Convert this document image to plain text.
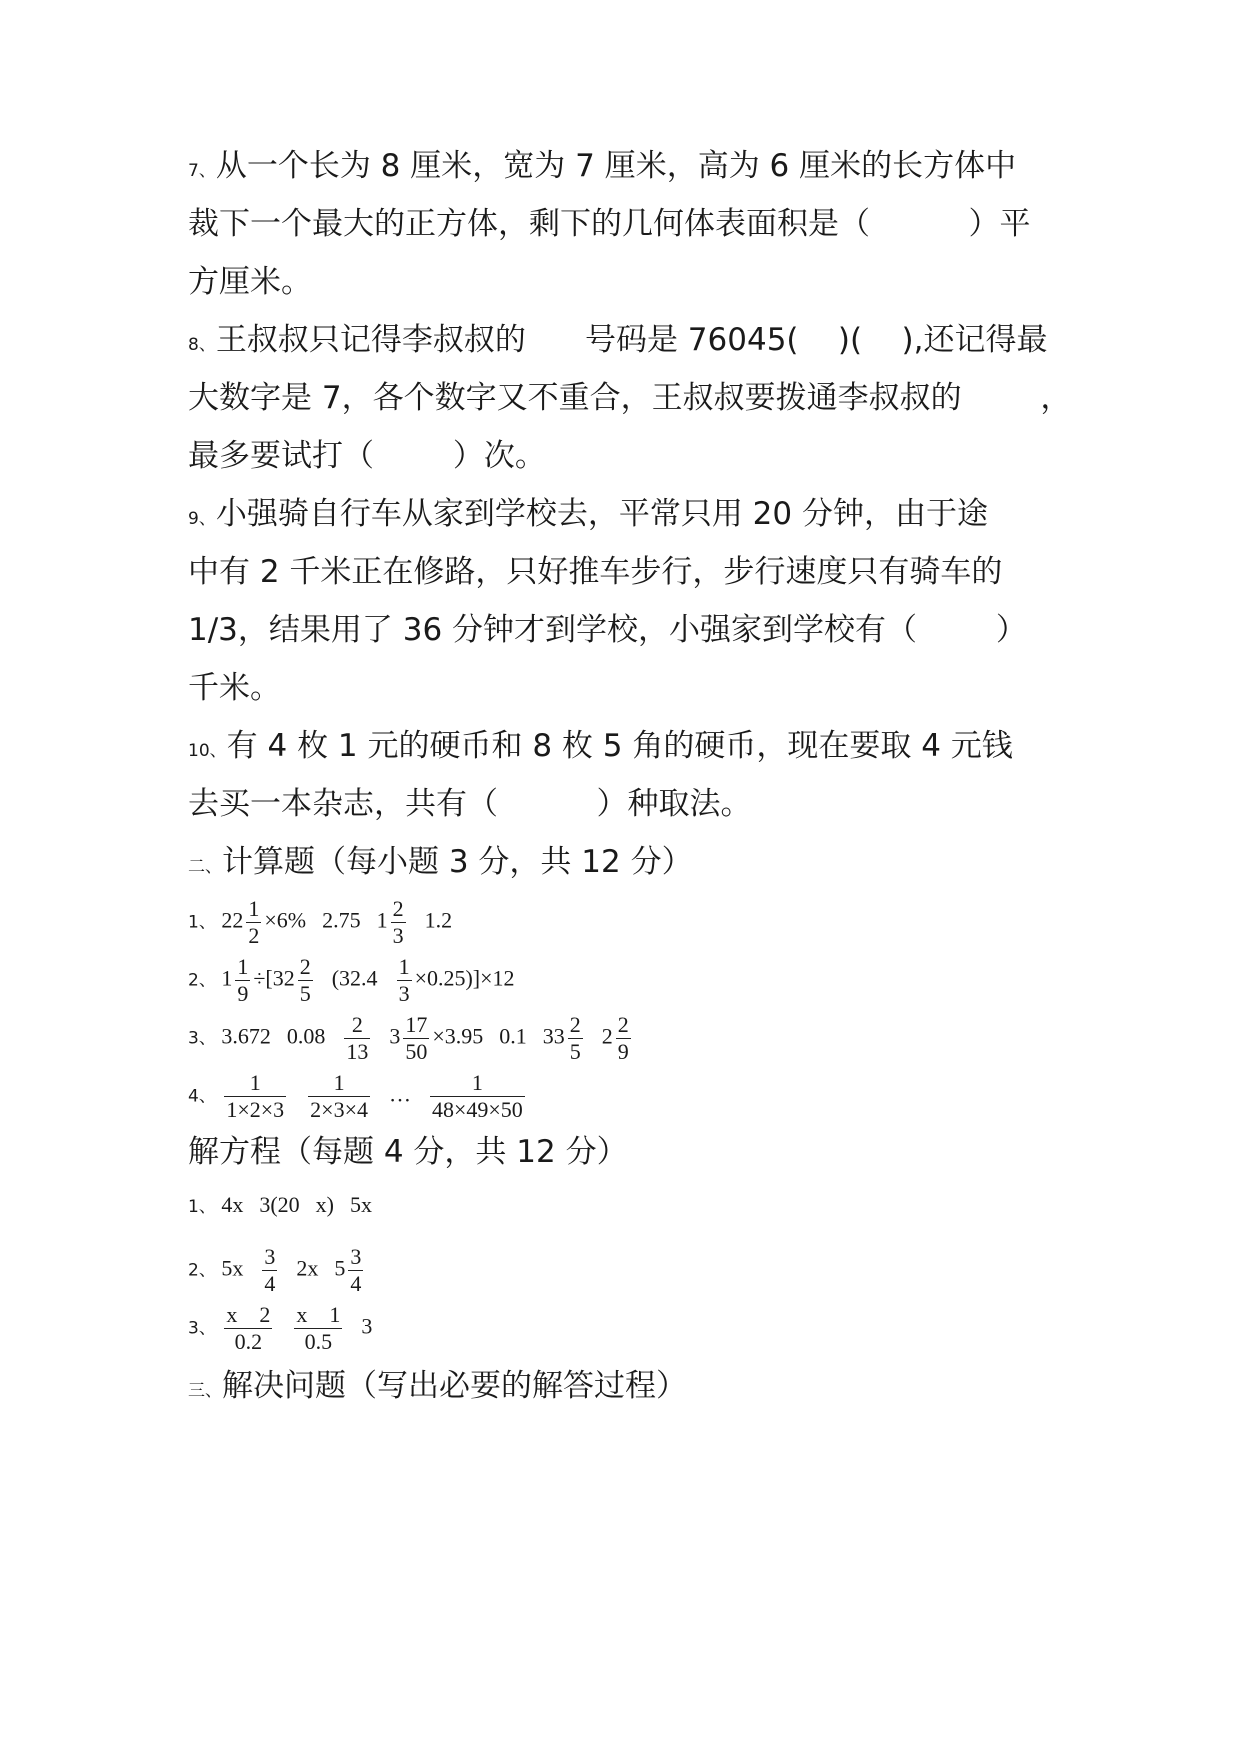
7、从一个长为 8 厘米，宽为 7 厘米，高为 6 厘米的长方体中
裁下一个最大的正方体，剩下的几何体表面积是（          ）平
方厘米。
8、王叔叔只记得李叔叔的      号码是 76045(    )(    ),还记得最
大数字是 7，各个数字又不重合，王叔叔要拨通李叔叔的        ，
最多要试打（        ）次。
9、小强骑自行车从家到学校去，平常只用 20 分钟，由于途
中有 2 千米正在修路，只好推车步行，步行速度只有骑车的
1/3，结果用了 36 分钟才到学校，小强家到学校有（        ）
千米。
10、有 4 枚 1 元的硬币和 8 枚 5 角的硬币，现在要取 4 元钱
去买一本杂志，共有（          ）种取法。
二、计算题（每小题 3 分，共 12 分）
1、 $22 \frac{1}{2} \times 6\%$ 2.75 $1 \frac{2}{3} 1.2$
2、 $1 \frac{1}{9} \div[32 \frac{2}{5} (32.4 \frac{1}{3} \times 0.25)]\times 12$
3、 3.672 $0.08 \frac{2}{13} 3 \frac{17}{50} \times 3.95$ 0.1 $33 \frac{2}{5} 2 \frac{2}{9}$
4、 $\frac{1}{1\times 2\times 3} \frac{1}{2\times 3\times 4}$ … $\frac{1}{48\times 49\times 50}$
解方程（每题 4 分，共 12 分）
1、 4x 3(20 x) 5x
2、 $5x \frac{3}{4} 2x$ $5 \frac{3}{4}$
3、 $\frac{x 2}{0.2} \frac{x 1}{0.5} 3$
三、解决问题（写出必要的解答过程）
